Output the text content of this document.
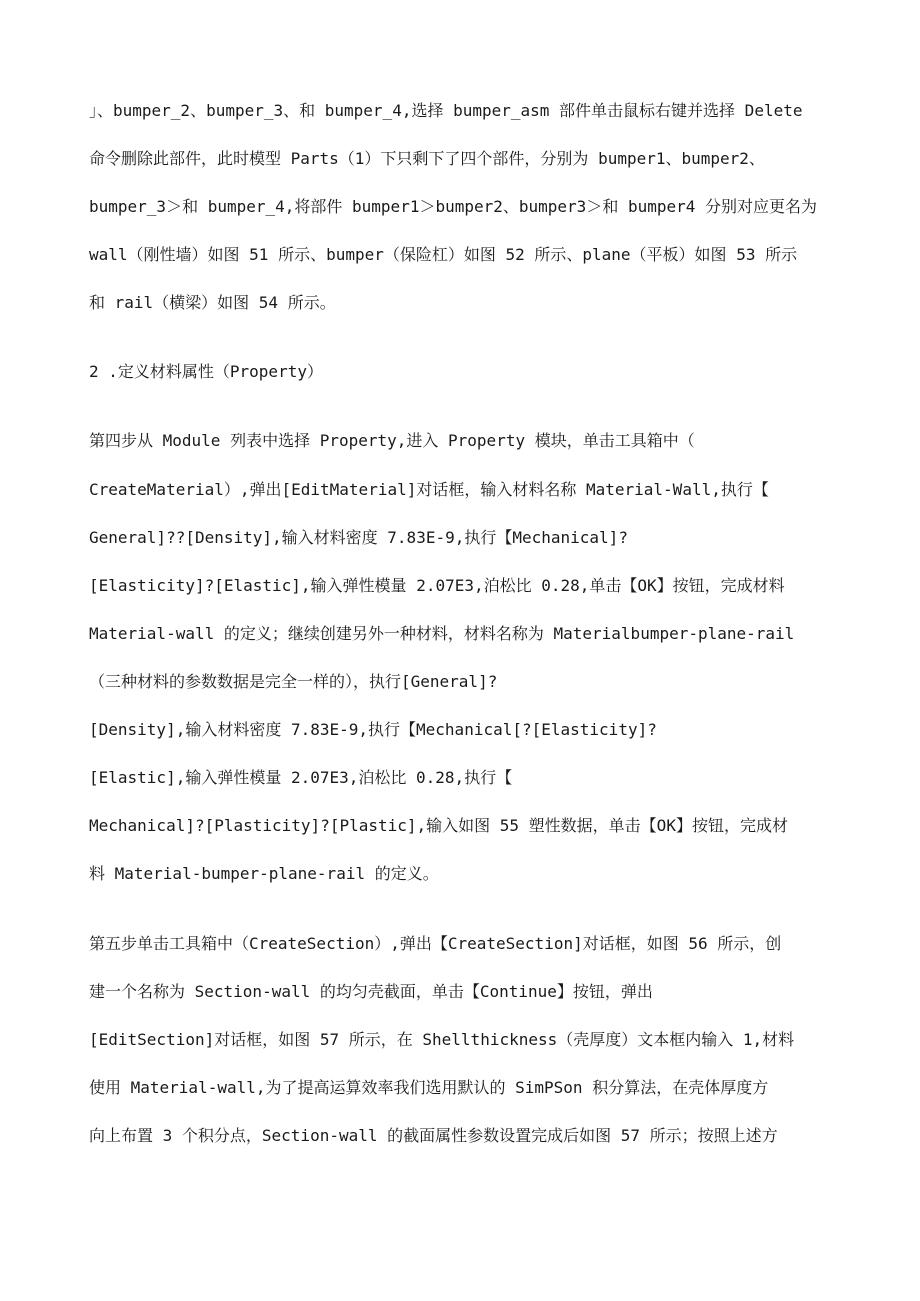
」、bumper_2、bumper_3、和 bumper_4,选择 bumper_asm 部件单击鼠标右键并选择 Delete
命令删除此部件，此时模型 Parts（1）下只剩下了四个部件，分别为 bumper1、bumper2、
bumper_3＞和 bumper_4,将部件 bumper1＞bumper2、bumper3＞和 bumper4 分别对应更名为
wall（刚性墙）如图 51 所示、bumper（保险杠）如图 52 所示、plane（平板）如图 53 所示
和 rail（横梁）如图 54 所示。
2 .定义材料属性（Property）
第四步从 Module 列表中选择 Property,进入 Property 模块，单击工具箱中（
CreateMaterial）,弹出[EditMaterial]对话框，输入材料名称 Material-Wall,执行【
General]??[Density],输入材料密度 7.83E-9,执行【Mechanical]?
[Elasticity]?[Elastic],输入弹性模量 2.07E3,泊松比 0.28,单击【OK】按钮，完成材料
Material-wall 的定义；继续创建另外一种材料，材料名称为 Materialbumper-plane-rail
（三种材料的参数数据是完全一样的），执行[General]?
[Density],输入材料密度 7.83E-9,执行【Mechanical[?[Elasticity]?
[Elastic],输入弹性模量 2.07E3,泊松比 0.28,执行【
Mechanical]?[Plasticity]?[Plastic],输入如图 55 塑性数据，单击【OK】按钮，完成材
料 Material-bumper-plane-rail 的定义。
第五步单击工具箱中（CreateSection）,弹出【CreateSection]对话框，如图 56 所示，创
建一个名称为 Section-wall 的均匀壳截面，单击【Continue】按钮，弹出
[EditSection]对话框，如图 57 所示，在 Shellthickness（壳厚度）文本框内输入 1,材料
使用 Material-wall,为了提高运算效率我们选用默认的 SimPSon 积分算法，在壳体厚度方
向上布置 3 个积分点，Section-wall 的截面属性参数设置完成后如图 57 所示；按照上述方
